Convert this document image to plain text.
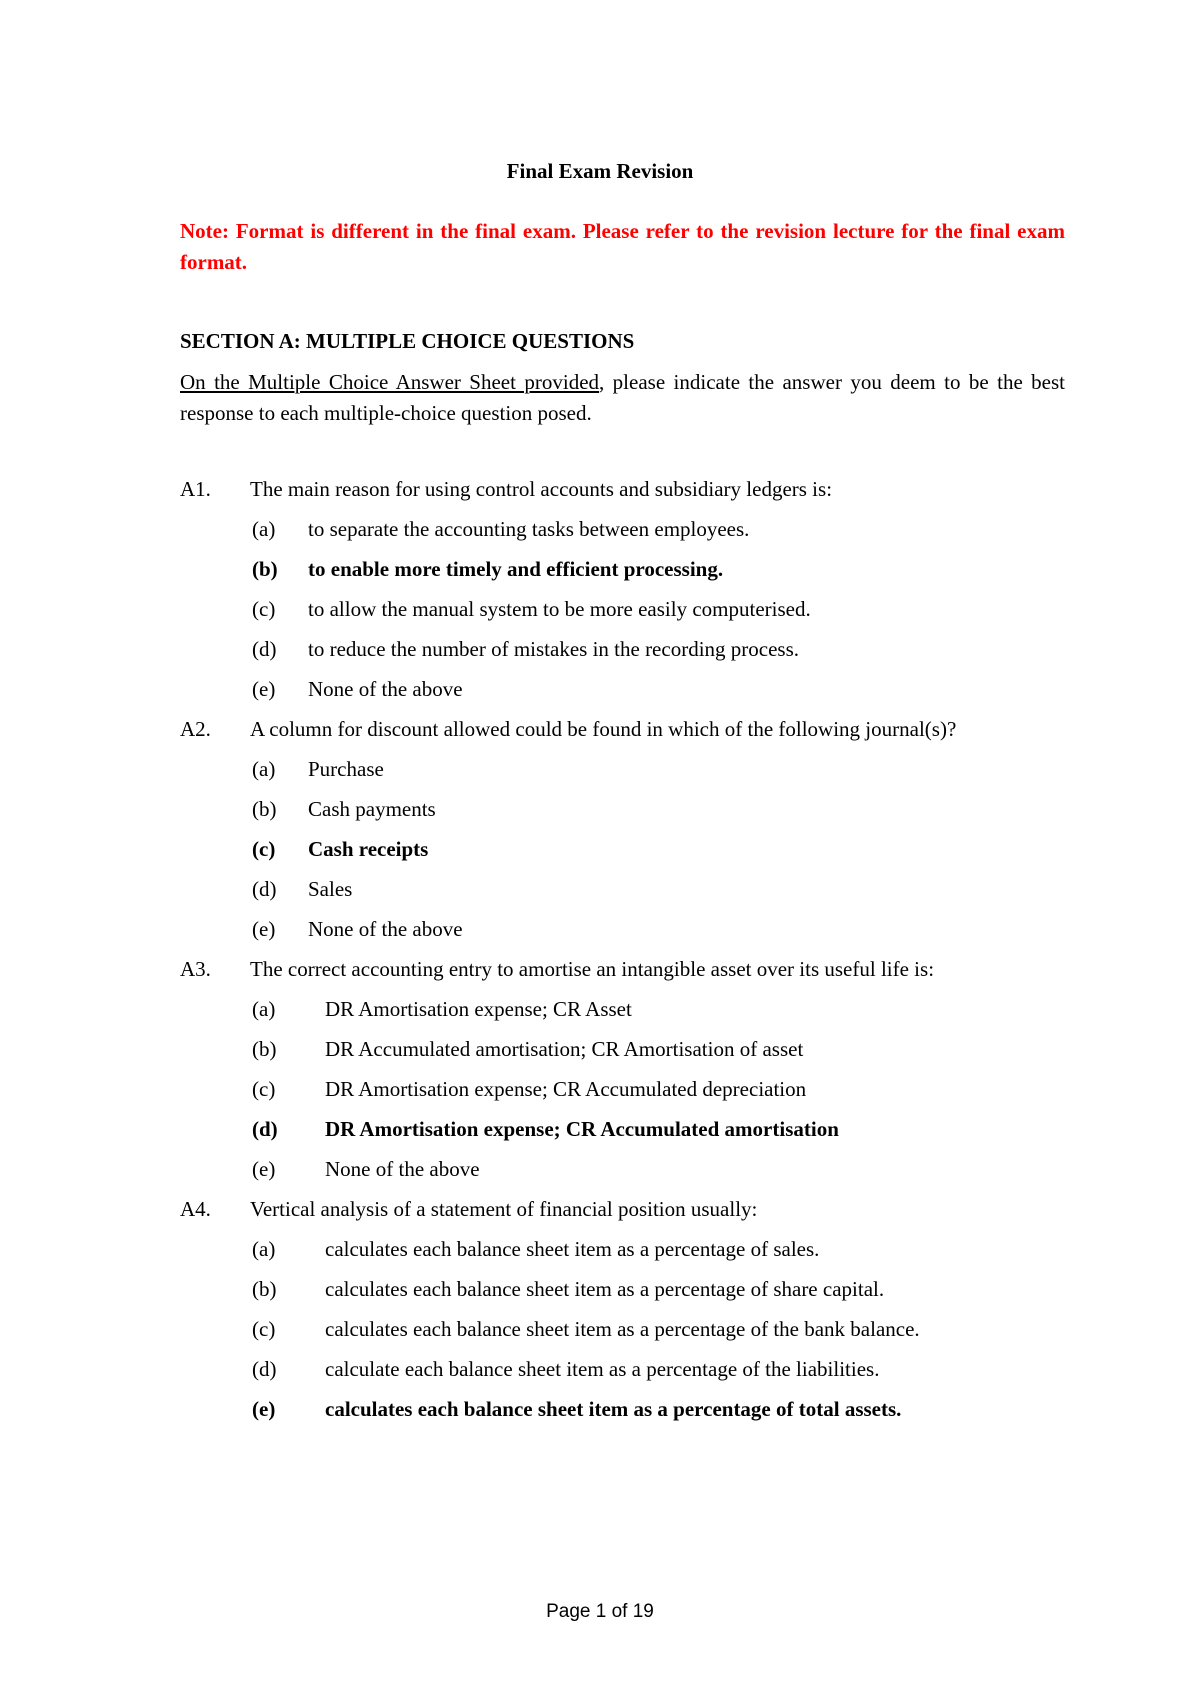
Final Exam Revision
Note: Format is different in the final exam. Please refer to the revision lecture for the final exam format.
SECTION A: MULTIPLE CHOICE QUESTIONS
On the Multiple Choice Answer Sheet provided, please indicate the answer you deem to be the best response to each multiple-choice question posed.
A1. The main reason for using control accounts and subsidiary ledgers is:
(a) to separate the accounting tasks between employees.
(b) to enable more timely and efficient processing.
(c) to allow the manual system to be more easily computerised.
(d) to reduce the number of mistakes in the recording process.
(e) None of the above
A2. A column for discount allowed could be found in which of the following journal(s)?
(a) Purchase
(b) Cash payments
(c) Cash receipts
(d) Sales
(e) None of the above
A3. The correct accounting entry to amortise an intangible asset over its useful life is:
(a) DR Amortisation expense; CR Asset
(b) DR Accumulated amortisation; CR Amortisation of asset
(c) DR Amortisation expense; CR Accumulated depreciation
(d) DR Amortisation expense; CR Accumulated amortisation
(e) None of the above
A4. Vertical analysis of a statement of financial position usually:
(a) calculates each balance sheet item as a percentage of sales.
(b) calculates each balance sheet item as a percentage of share capital.
(c) calculates each balance sheet item as a percentage of the bank balance.
(d) calculate each balance sheet item as a percentage of the liabilities.
(e) calculates each balance sheet item as a percentage of total assets.
Page 1 of 19
